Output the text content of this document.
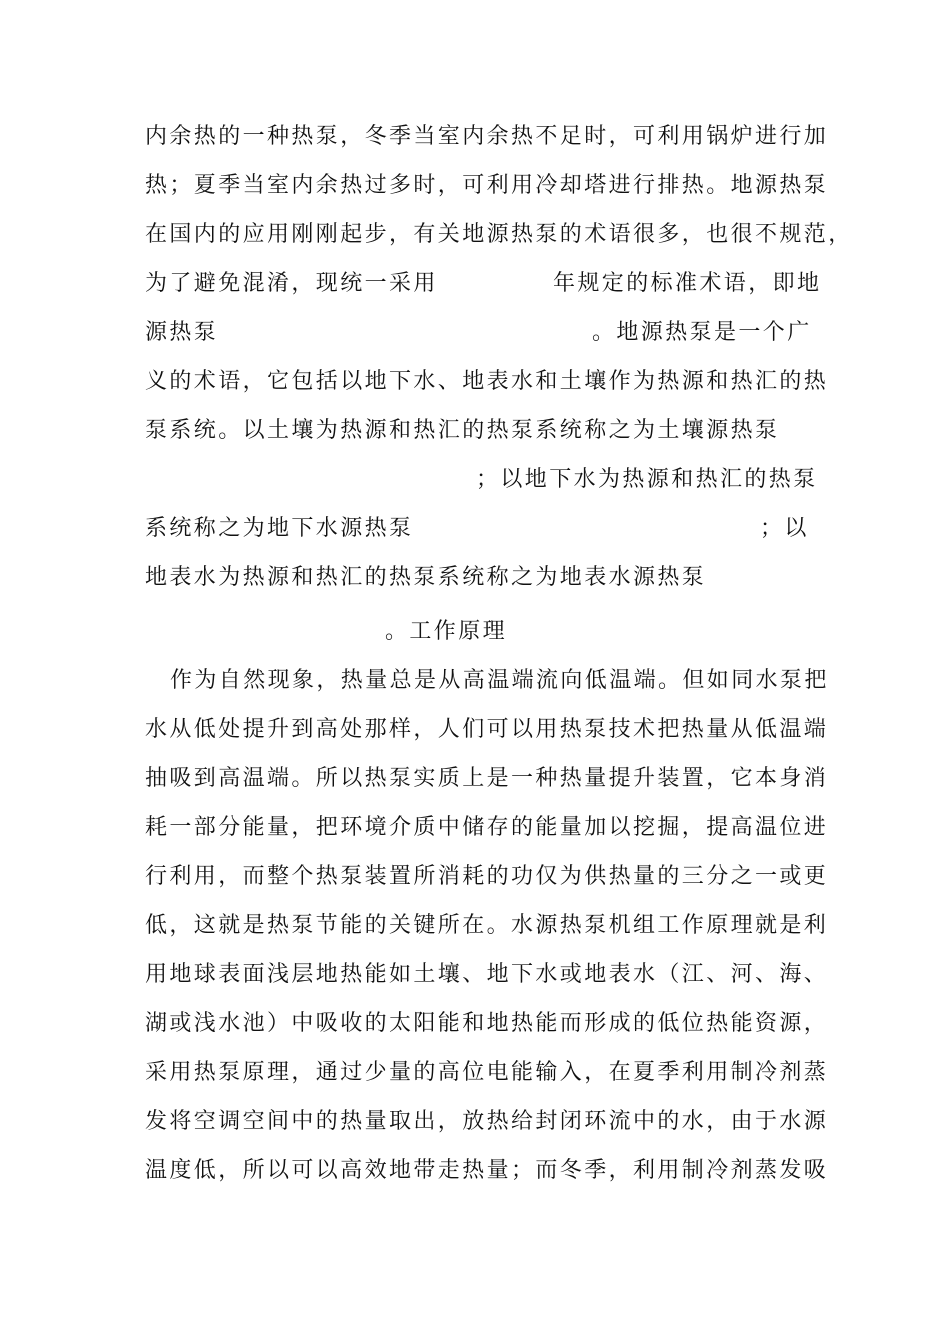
内余热的一种热泵，冬季当室内余热不足时，可利用锅炉进行加
热；夏季当室内余热过多时，可利用冷却塔进行排热。地源热泵
在国内的应用刚刚起步，有关地源热泵的术语很多，也很不规范，
为了避免混淆，现统一采用	年规定的标准术语，即地
源热泵	。地源热泵是一个广
义的术语，它包括以地下水、地表水和土壤作为热源和热汇的热
泵系统。以土壤为热源和热汇的热泵系统称之为土壤源热泵
；以地下水为热源和热汇的热泵
系统称之为地下水源热泵	；以
地表水为热源和热汇的热泵系统称之为地表水源热泵
。工作原理
作为自然现象，热量总是从高温端流向低温端。但如同水泵把
水从低处提升到高处那样，人们可以用热泵技术把热量从低温端
抽吸到高温端。所以热泵实质上是一种热量提升装置，它本身消
耗一部分能量，把环境介质中储存的能量加以挖掘，提高温位进
行利用，而整个热泵装置所消耗的功仅为供热量的三分之一或更
低，这就是热泵节能的关键所在。水源热泵机组工作原理就是利
用地球表面浅层地热能如土壤、地下水或地表水（江、河、海、
湖或浅水池）中吸收的太阳能和地热能而形成的低位热能资源，
采用热泵原理，通过少量的高位电能输入，在夏季利用制冷剂蒸
发将空调空间中的热量取出，放热给封闭环流中的水，由于水源
温度低，所以可以高效地带走热量；而冬季，利用制冷剂蒸发吸
